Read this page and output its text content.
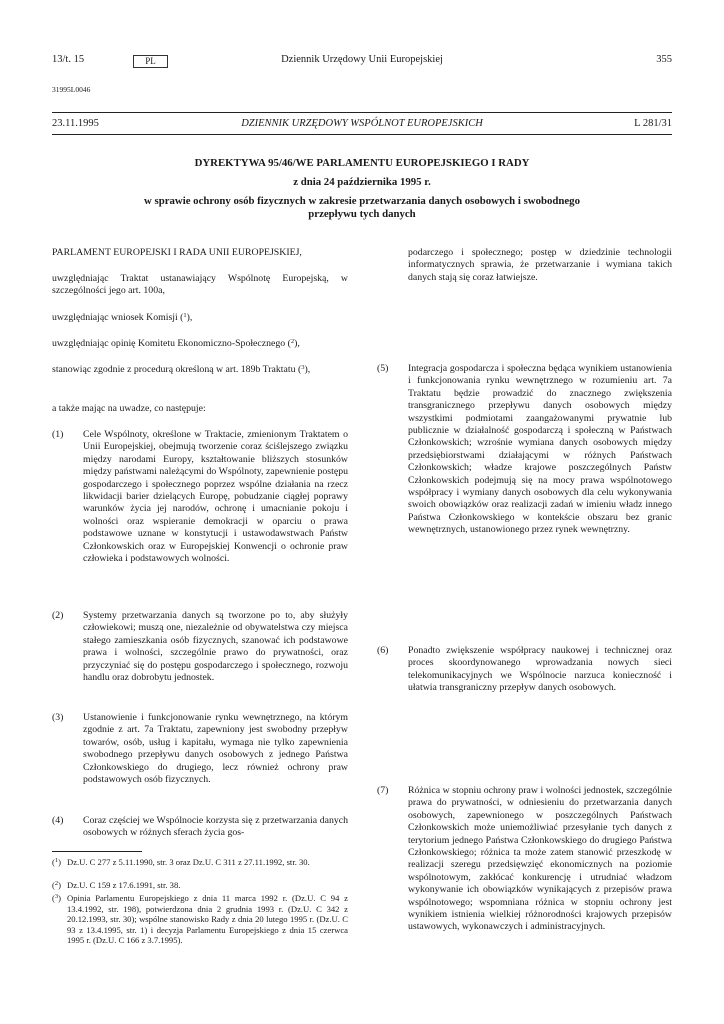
13/t. 15	PL	Dziennik Urzędowy Unii Europejskiej	355
31995L0046
23.11.1995	DZIENNIK URZĘDOWY WSPÓLNOT EUROPEJSKICH	L 281/31
DYREKTYWA 95/46/WE PARLAMENTU EUROPEJSKIEGO I RADY
z dnia 24 października 1995 r.
w sprawie ochrony osób fizycznych w zakresie przetwarzania danych osobowych i swobodnego
przepływu tych danych
PARLAMENT EUROPEJSKI I RADA UNII EUROPEJSKIEJ,
uwzględniając Traktat ustanawiający Wspólnotę Europejską, w szczególności jego art. 100a,
uwzględniając wniosek Komisji ($^1$),
uwzględniając opinię Komitetu Ekonomiczno-Społecznego ($^2$),
stanowiąc zgodnie z procedurą określoną w art. 189b Traktatu ($^3$),
a także mając na uwadze, co następuje:
(1) Cele Wspólnoty, określone w Traktacie, zmienionym Traktatem o Unii Europejskiej, obejmują tworzenie coraz ściślejszego związku między narodami Europy, kształtowanie bliższych stosunków między państwami należącymi do Wspólnoty, zapewnienie postępu gospodarczego i społecznego poprzez wspólne działania na rzecz likwidacji barier dzielących Europę, pobudzanie ciągłej poprawy warunków życia jej narodów, ochronę i umacnianie pokoju i wolności oraz wspieranie demokracji w oparciu o prawa podstawowe uznane w konstytucji i ustawodawstwach Państw Członkowskich oraz w Europejskiej Konwencji o ochronie praw człowieka i podstawowych wolności.
(2) Systemy przetwarzania danych są tworzone po to, aby służyły człowiekowi; muszą one, niezależnie od obywatelstwa czy miejsca stałego zamieszkania osób fizycznych, szanować ich podstawowe prawa i wolności, szczególnie prawo do prywatności, oraz przyczyniać się do postępu gospodarczego i społecznego, rozwoju handlu oraz dobrobytu jednostek.
(3) Ustanowienie i funkcjonowanie rynku wewnętrznego, na którym zgodnie z art. 7a Traktatu, zapewniony jest swobodny przepływ towarów, osób, usług i kapitału, wymaga nie tylko zapewnienia swobodnego przepływu danych osobowych z jednego Państwa Członkowskiego do drugiego, lecz również ochrony praw podstawowych osób fizycznych.
(4) Coraz częściej we Wspólnocie korzysta się z przetwarzania danych osobowych w różnych sferach życia gos-
($^1$) Dz.U. C 277 z 5.11.1990, str. 3 oraz Dz.U. C 311 z 27.11.1992, str. 30.
($^2$) Dz.U. C 159 z 17.6.1991, str. 38.
($^3$) Opinia Parlamentu Europejskiego z dnia 11 marca 1992 r. (Dz.U. C 94 z 13.4.1992, str. 198), potwierdzona dnia 2 grudnia 1993 r. (Dz.U. C 342 z 20.12.1993, str. 30); wspólne stanowisko Rady z dnia 20 lutego 1995 r. (Dz.U. C 93 z 13.4.1995, str. 1) i decyzja Parlamentu Europejskiego z dnia 15 czerwca 1995 r. (Dz.U. C 166 z 3.7.1995).
podarczego i społecznego; postęp w dziedzinie technologii informatycznych sprawia, że przetwarzanie i wymiana takich danych stają się coraz łatwiejsze.
(5) Integracja gospodarcza i społeczna będąca wynikiem ustanowienia i funkcjonowania rynku wewnętrznego w rozumieniu art. 7a Traktatu będzie prowadzić do znacznego zwiększenia transgranicznego przepływu danych osobowych między wszystkimi podmiotami zaangażowanymi prywatnie lub publicznie w działalność gospodarczą i społeczną w Państwach Członkowskich; wzrośnie wymiana danych osobowych między przedsiębiorstwami działającymi w różnych Państwach Członkowskich; władze krajowe poszczególnych Państw Członkowskich podejmują się na mocy prawa wspólnotowego współpracy i wymiany danych osobowych dla celu wykonywania swoich obowiązków oraz realizacji zadań w imieniu władz innego Państwa Członkowskiego w kontekście obszaru bez granic wewnętrznych, ustanowionego przez rynek wewnętrzny.
(6) Ponadto zwiększenie współpracy naukowej i technicznej oraz proces skoordynowanego wprowadzania nowych sieci telekomunikacyjnych we Wspólnocie narzuca konieczność i ułatwia transgraniczny przepływ danych osobowych.
(7) Różnica w stopniu ochrony praw i wolności jednostek, szczególnie prawa do prywatności, w odniesieniu do przetwarzania danych osobowych, zapewnionego w poszczególnych Państwach Członkowskich może uniemożliwiać przesyłanie tych danych z terytorium jednego Państwa Członkowskiego do drugiego Państwa Członkowskiego; różnica ta może zatem stanowić przeszkodę w realizacji szeregu przedsięwzięć ekonomicznych na poziomie wspólnotowym, zakłócać konkurencję i utrudniać władzom wykonywanie ich obowiązków wynikających z przepisów prawa wspólnotowego; wspomniana różnica w stopniu ochrony jest wynikiem istnienia wielkiej różnorodności krajowych przepisów ustawowych, wykonawczych i administracyjnych.
